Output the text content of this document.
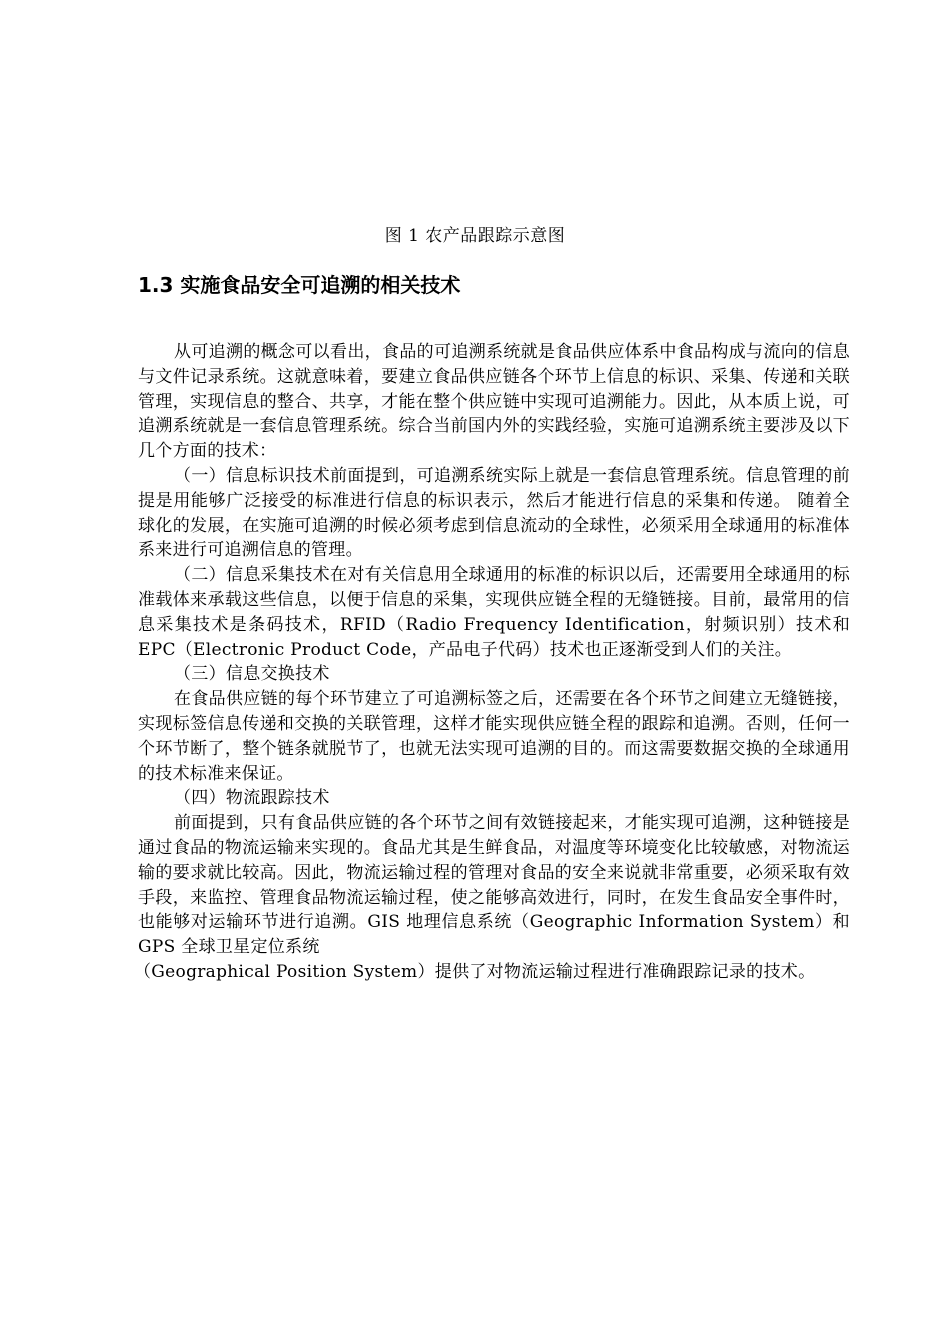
图 1 农产品跟踪示意图
1.3 实施食品安全可追溯的相关技术

从可追溯的概念可以看出，食品的可追溯系统就是食品供应体系中食品构成与流向的信息与文件记录系统。这就意味着，要建立食品供应链各个环节上信息的标识、采集、传递和关联管理，实现信息的整合、共享，才能在整个供应链中实现可追溯能力。因此，从本质上说，可追溯系统就是一套信息管理系统。综合当前国内外的实践经验，实施可追溯系统主要涉及以下几个方面的技术：

（一）信息标识技术前面提到，可追溯系统实际上就是一套信息管理系统。信息管理的前提是用能够广泛接受的标准进行信息的标识表示，然后才能进行信息的采集和传递。 随着全球化的发展，在实施可追溯的时候必须考虑到信息流动的全球性，必须采用全球通用的标准体系来进行可追溯信息的管理。

（二）信息采集技术在对有关信息用全球通用的标准的标识以后，还需要用全球通用的标准载体来承载这些信息，以便于信息的采集，实现供应链全程的无缝链接。目前，最常用的信息采集技术是条码技术，RFID（Radio Frequency Identification，射频识别）技术和 EPC（Electronic Product Code，产品电子代码）技术也正逐渐受到人们的关注。

（三）信息交换技术

在食品供应链的每个环节建立了可追溯标签之后，还需要在各个环节之间建立无缝链接，实现标签信息传递和交换的关联管理，这样才能实现供应链全程的跟踪和追溯。否则，任何一个环节断了，整个链条就脱节了，也就无法实现可追溯的目的。而这需要数据交换的全球通用的技术标准来保证。

（四）物流跟踪技术

前面提到，只有食品供应链的各个环节之间有效链接起来，才能实现可追溯，这种链接是通过食品的物流运输来实现的。食品尤其是生鲜食品，对温度等环境变化比较敏感，对物流运输的要求就比较高。因此，物流运输过程的管理对食品的安全来说就非常重要，必须采取有效手段，来监控、管理食品物流运输过程，使之能够高效进行，同时，在发生食品安全事件时，也能够对运输环节进行追溯。GIS 地理信息系统（Geographic Information System）和 GPS 全球卫星定位系统

（Geographical Position System）提供了对物流运输过程进行准确跟踪记录的技术。
